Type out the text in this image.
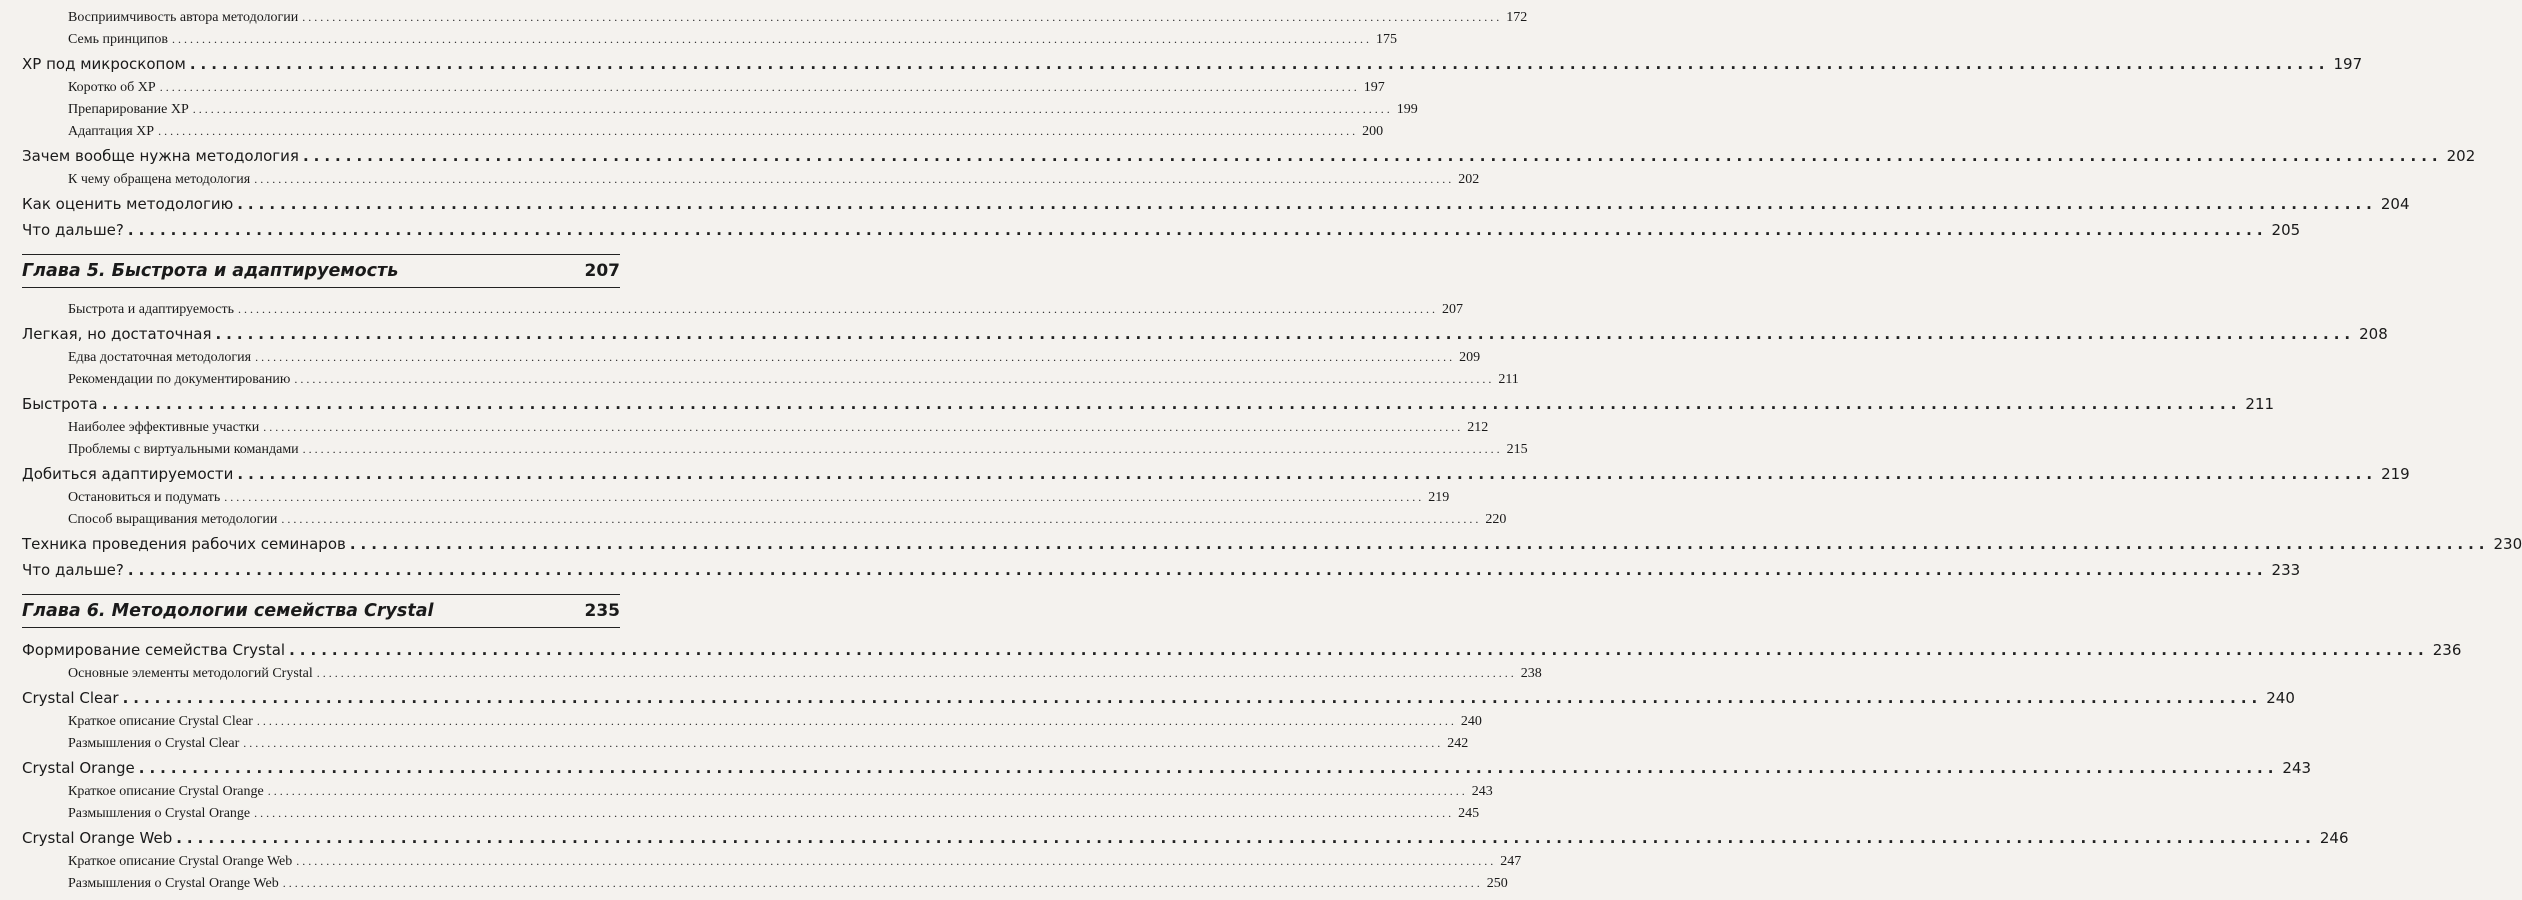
Восприимчивость автора методологии ........................................................................................................................................................................................................ 172
Семь принципов ........................................................................................................................................................................................................ 175
XP под микроскопом ........................................................................................................................................................................................................ 197
Коротко об XP ........................................................................................................................................................................................................ 197
Препарирование XP ........................................................................................................................................................................................................ 199
Адаптация XP ........................................................................................................................................................................................................ 200
Зачем вообще нужна методология ........................................................................................................................................................................................................ 202
К чему обращена методология ........................................................................................................................................................................................................ 202
Как оценить методологию ........................................................................................................................................................................................................ 204
Что дальше? ........................................................................................................................................................................................................ 205
Глава 5. Быстрота и адаптируемость	207
Быстрота и адаптируемость ........................................................................................................................................................................................................ 207
Легкая, но достаточная ........................................................................................................................................................................................................ 208
Едва достаточная методология ........................................................................................................................................................................................................ 209
Рекомендации по документированию ........................................................................................................................................................................................................ 211
Быстрота ........................................................................................................................................................................................................ 211
Наиболее эффективные участки ........................................................................................................................................................................................................ 212
Проблемы с виртуальными командами ........................................................................................................................................................................................................ 215
Добиться адаптируемости ........................................................................................................................................................................................................ 219
Остановиться и подумать ........................................................................................................................................................................................................ 219
Способ выращивания методологии ........................................................................................................................................................................................................ 220
Техника проведения рабочих семинаров ........................................................................................................................................................................................................ 230
Что дальше? ........................................................................................................................................................................................................ 233
Глава 6. Методологии семейства Crystal	235
Формирование семейства Crystal ........................................................................................................................................................................................................ 236
Основные элементы методологий Crystal ........................................................................................................................................................................................................ 238
Crystal Clear ........................................................................................................................................................................................................ 240
Краткое описание Crystal Clear ........................................................................................................................................................................................................ 240
Размышления о Crystal Clear ........................................................................................................................................................................................................ 242
Crystal Orange ........................................................................................................................................................................................................ 243
Краткое описание Crystal Orange ........................................................................................................................................................................................................ 243
Размышления о Crystal Orange ........................................................................................................................................................................................................ 245
Crystal Orange Web ........................................................................................................................................................................................................ 246
Краткое описание Crystal Orange Web ........................................................................................................................................................................................................ 247
Размышления о Crystal Orange Web ........................................................................................................................................................................................................ 250
